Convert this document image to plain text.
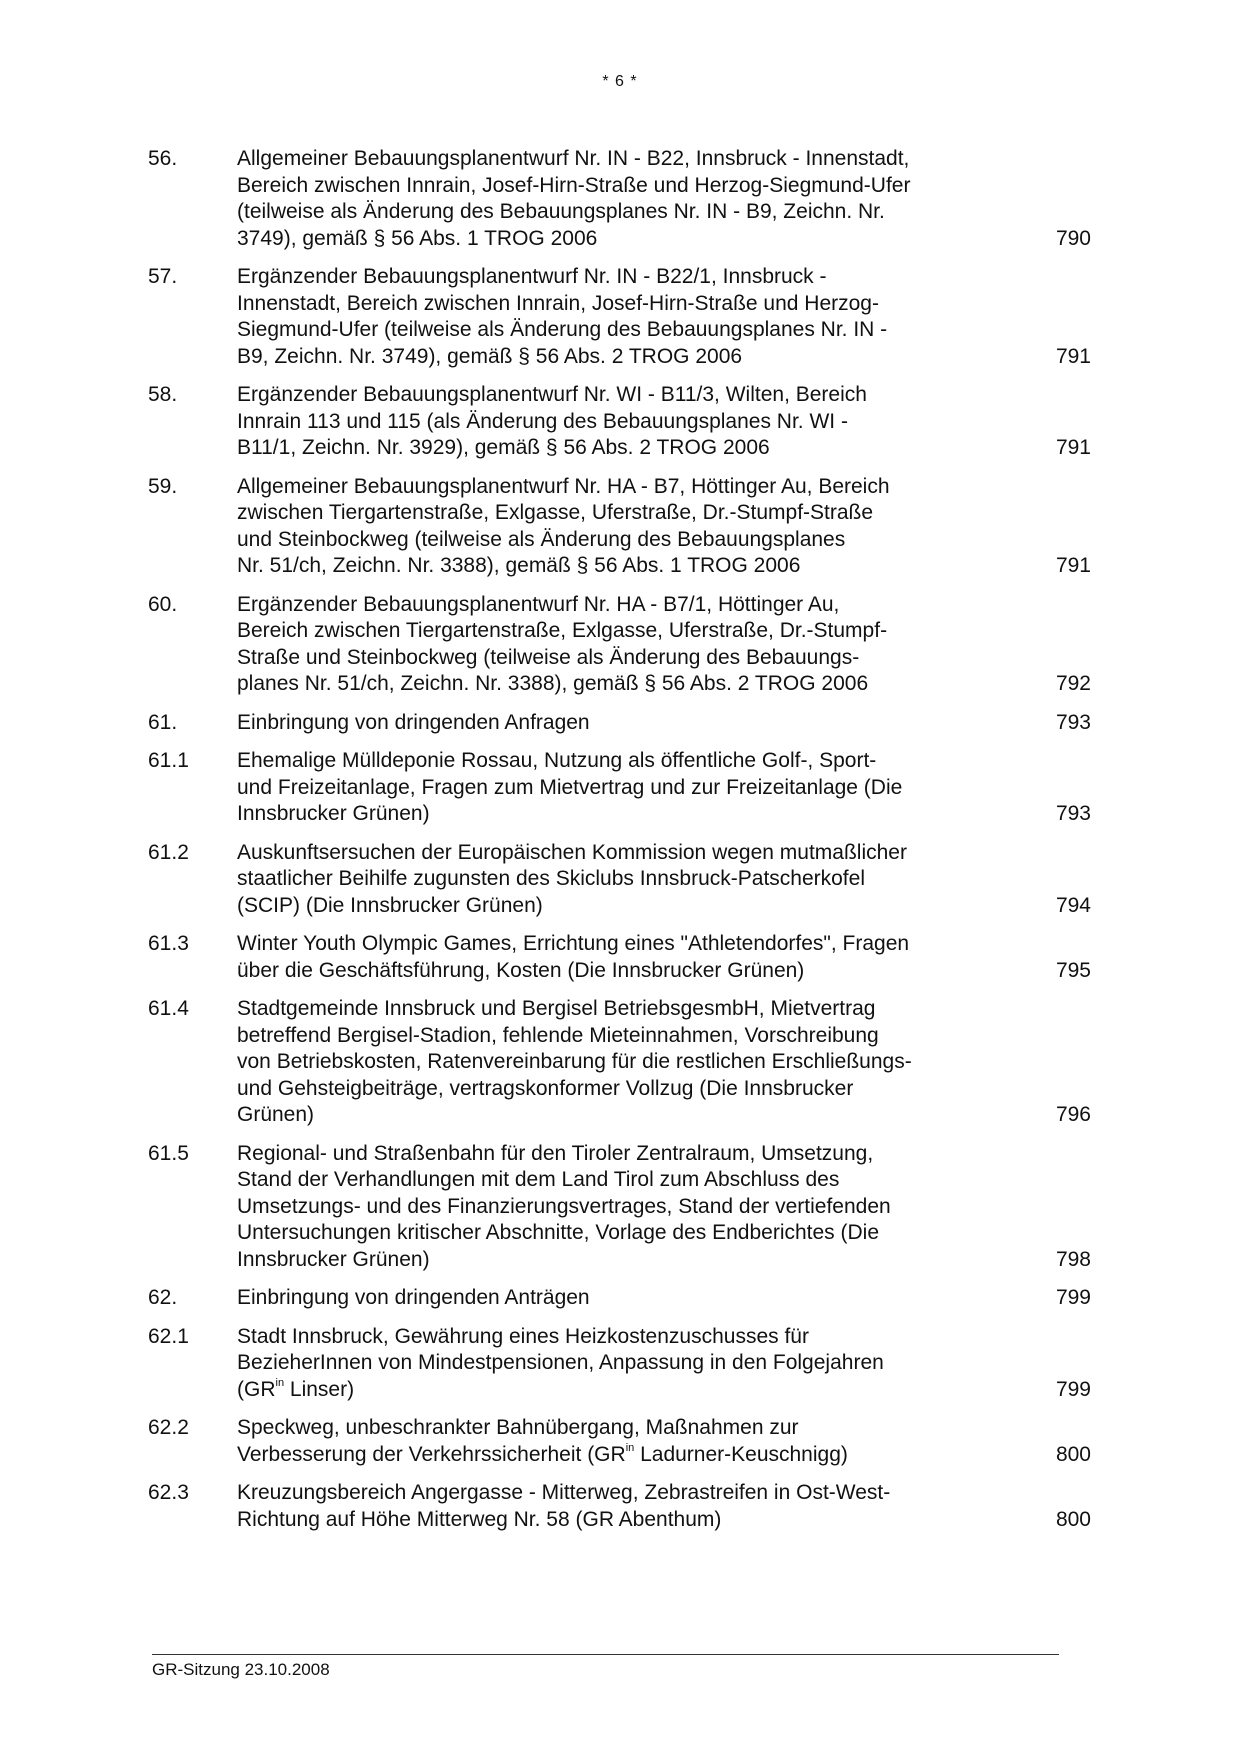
* 6 *
56.	Allgemeiner Bebauungsplanentwurf Nr. IN - B22, Innsbruck - Innenstadt,
Bereich zwischen Innrain, Josef-Hirn-Straße und Herzog-Siegmund-Ufer
(teilweise als Änderung des Bebauungsplanes Nr. IN - B9, Zeichn. Nr.
3749), gemäß § 56 Abs. 1 TROG 2006	790
57.	Ergänzender Bebauungsplanentwurf Nr. IN - B22/1, Innsbruck -
Innenstadt, Bereich zwischen Innrain, Josef-Hirn-Straße und Herzog-
Siegmund-Ufer (teilweise als Änderung des Bebauungsplanes Nr. IN -
B9, Zeichn. Nr. 3749), gemäß § 56 Abs. 2 TROG 2006	791
58.	Ergänzender Bebauungsplanentwurf Nr. WI - B11/3, Wilten, Bereich
Innrain 113 und 115 (als Änderung des Bebauungsplanes Nr. WI -
B11/1, Zeichn. Nr. 3929), gemäß § 56 Abs. 2 TROG 2006	791
59.	Allgemeiner Bebauungsplanentwurf Nr. HA - B7, Höttinger Au, Bereich
zwischen Tiergartenstraße, Exlgasse, Uferstraße, Dr.-Stumpf-Straße
und Steinbockweg (teilweise als Änderung des Bebauungsplanes
Nr. 51/ch, Zeichn. Nr. 3388), gemäß § 56 Abs. 1 TROG 2006	791
60.	Ergänzender Bebauungsplanentwurf Nr. HA - B7/1, Höttinger Au,
Bereich zwischen Tiergartenstraße, Exlgasse, Uferstraße, Dr.-Stumpf-
Straße und Steinbockweg (teilweise als Änderung des Bebauungs-
planes Nr. 51/ch, Zeichn. Nr. 3388), gemäß § 56 Abs. 2 TROG 2006	792
61.	Einbringung von dringenden Anfragen	793
61.1	Ehemalige Mülldeponie Rossau, Nutzung als öffentliche Golf-, Sport-
und Freizeitanlage, Fragen zum Mietvertrag und zur Freizeitanlage (Die
Innsbrucker Grünen)	793
61.2	Auskunftsersuchen der Europäischen Kommission wegen mutmaßlicher
staatlicher Beihilfe zugunsten des Skiclubs Innsbruck-Patscherkofel
(SCIP) (Die Innsbrucker Grünen)	794
61.3	Winter Youth Olympic Games, Errichtung eines "Athletendorfes", Fragen
über die Geschäftsführung, Kosten (Die Innsbrucker Grünen)	795
61.4	Stadtgemeinde Innsbruck und Bergisel BetriebsgesmbH, Mietvertrag
betreffend Bergisel-Stadion, fehlende Mieteinnahmen, Vorschreibung
von Betriebskosten, Ratenvereinbarung für die restlichen Erschließungs-
und Gehsteigbeiträge, vertragskonformer Vollzug (Die Innsbrucker
Grünen)	796
61.5	Regional- und Straßenbahn für den Tiroler Zentralraum, Umsetzung,
Stand der Verhandlungen mit dem Land Tirol zum Abschluss des
Umsetzungs- und des Finanzierungsvertrages, Stand der vertiefenden
Untersuchungen kritischer Abschnitte, Vorlage des Endberichtes (Die
Innsbrucker Grünen)	798
62.	Einbringung von dringenden Anträgen	799
62.1	Stadt Innsbruck, Gewährung eines Heizkostenzuschusses für
BezieherInnen von Mindestpensionen, Anpassung in den Folgejahren
($GR^{in}$ Linser)	799
62.2	Speckweg, unbeschrankter Bahnübergang, Maßnahmen zur
Verbesserung der Verkehrssicherheit ($GR^{in}$ Ladurner-Keuschnigg)	800
62.3	Kreuzungsbereich Angergasse - Mitterweg, Zebrastreifen in Ost-West-
Richtung auf Höhe Mitterweg Nr. 58 (GR Abenthum)	800
GR-Sitzung 23.10.2008
